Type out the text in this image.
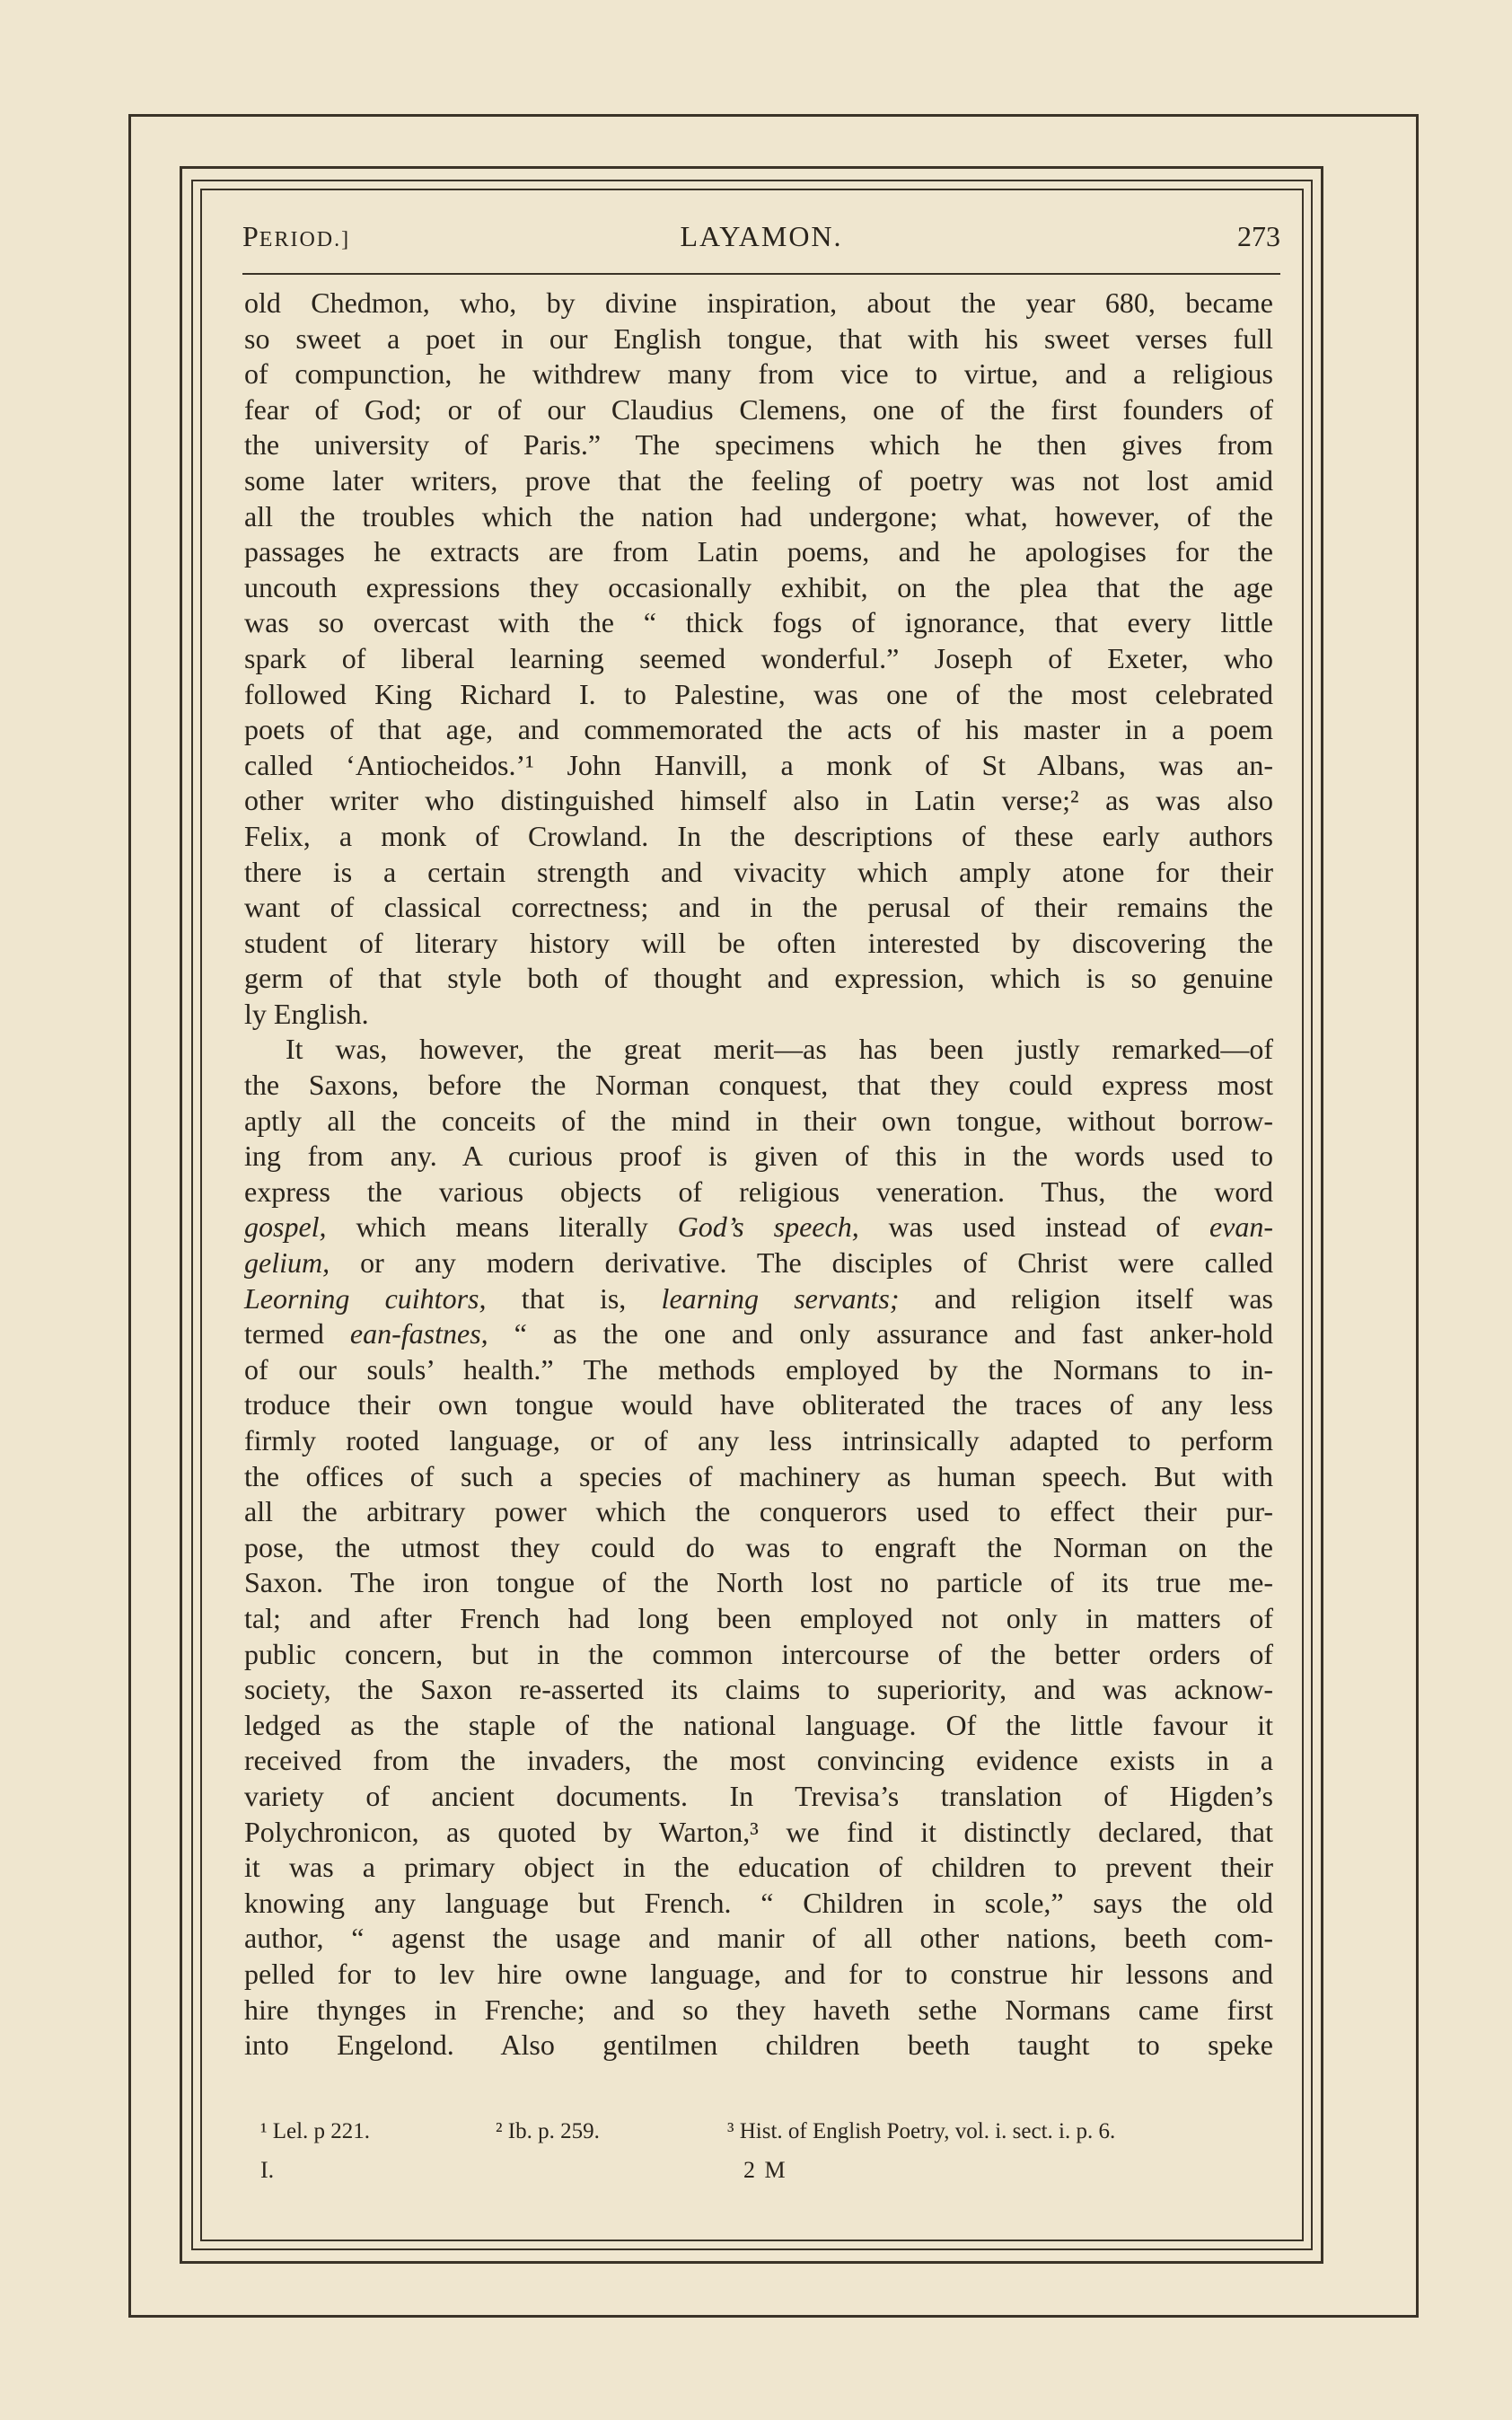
PERIOD.]	LAYAMON.	273
old Chedmon, who, by divine inspiration, about the year 680, became
so sweet a poet in our English tongue, that with his sweet verses full
of compunction, he withdrew many from vice to virtue, and a religious
fear of God; or of our Claudius Clemens, one of the first founders of
the university of Paris.” The specimens which he then gives from
some later writers, prove that the feeling of poetry was not lost amid
all the troubles which the nation had undergone; what, however, of the
passages he extracts are from Latin poems, and he apologises for the
uncouth expressions they occasionally exhibit, on the plea that the age
was so overcast with the “ thick fogs of ignorance, that every little
spark of liberal learning seemed wonderful.” Joseph of Exeter, who
followed King Richard I. to Palestine, was one of the most celebrated
poets of that age, and commemorated the acts of his master in a poem
called ‘Antiocheidos.’¹ John Hanvill, a monk of St Albans, was an-
other writer who distinguished himself also in Latin verse;² as was also
Felix, a monk of Crowland. In the descriptions of these early authors
there is a certain strength and vivacity which amply atone for their
want of classical correctness; and in the perusal of their remains the
student of literary history will be often interested by discovering the
germ of that style both of thought and expression, which is so genuine
ly English.
It was, however, the great merit—as has been justly remarked—of
the Saxons, before the Norman conquest, that they could express most
aptly all the conceits of the mind in their own tongue, without borrow-
ing from any. A curious proof is given of this in the words used to
express the various objects of religious veneration. Thus, the word
gospel, which means literally God’s speech, was used instead of evan-
gelium, or any modern derivative. The disciples of Christ were called
Leorning cuihtors, that is, learning servants; and religion itself was
termed ean-fastnes, “ as the one and only assurance and fast anker-hold
of our souls’ health.” The methods employed by the Normans to in-
troduce their own tongue would have obliterated the traces of any less
firmly rooted language, or of any less intrinsically adapted to perform
the offices of such a species of machinery as human speech. But with
all the arbitrary power which the conquerors used to effect their pur-
pose, the utmost they could do was to engraft the Norman on the
Saxon. The iron tongue of the North lost no particle of its true me-
tal; and after French had long been employed not only in matters of
public concern, but in the common intercourse of the better orders of
society, the Saxon re-asserted its claims to superiority, and was acknow-
ledged as the staple of the national language. Of the little favour it
received from the invaders, the most convincing evidence exists in a
variety of ancient documents. In Trevisa’s translation of Higden’s
Polychronicon, as quoted by Warton,³ we find it distinctly declared, that
it was a primary object in the education of children to prevent their
knowing any language but French. “ Children in scole,” says the old
author, “ agenst the usage and manir of all other nations, beeth com-
pelled for to lev hire owne language, and for to construe hir lessons and
hire thynges in Frenche; and so they haveth sethe Normans came first
into Engelond. Also gentilmen children beeth taught to speke
¹ Lel. p 221.	² Ib. p. 259.	³ Hist. of English Poetry, vol. i. sect. i. p. 6.
I.	2 M
